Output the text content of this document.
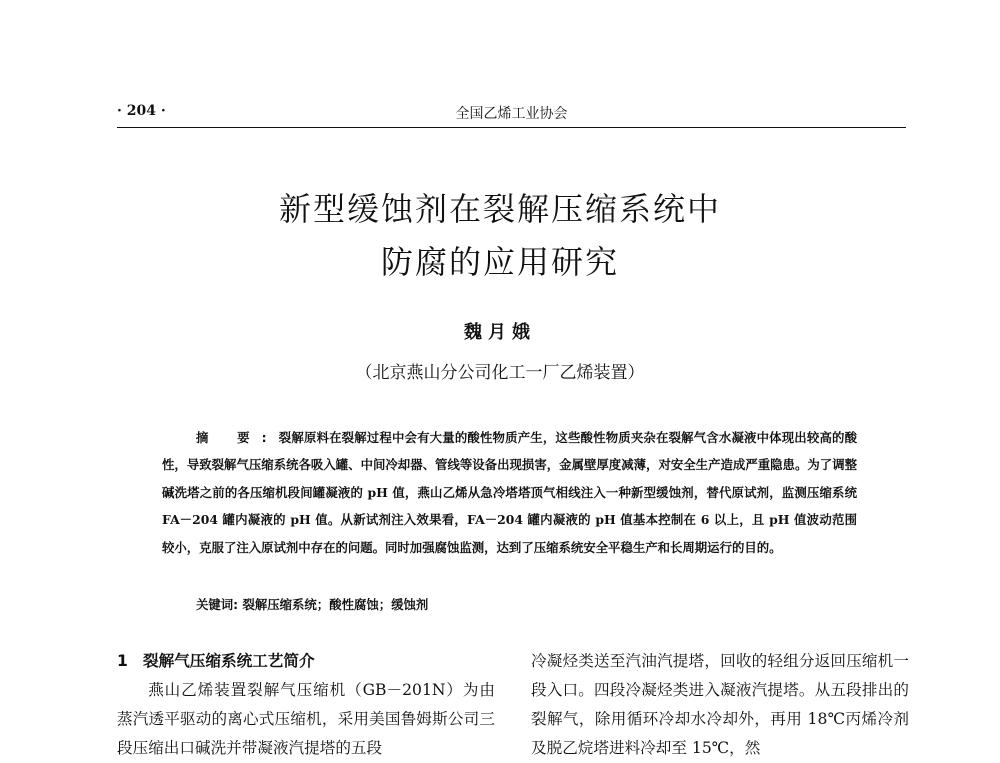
· 204 ·	全国乙烯工业协会
新型缓蚀剂在裂解压缩系统中
防腐的应用研究
魏月娥
（北京燕山分公司化工一厂乙烯装置）
摘 要:裂解原料在裂解过程中会有大量的酸性物质产生，这些酸性物质夹杂在裂解气含水凝液中体现出较高的酸性，导致裂解气压缩系统各吸入罐、中间冷却器、管线等设备出现损害，金属壁厚度减薄，对安全生产造成严重隐患。为了调整碱洗塔之前的各压缩机段间罐凝液的 pH 值，燕山乙烯从急冷塔塔顶气相线注入一种新型缓蚀剂，替代原试剂，监测压缩系统 FA－204 罐内凝液的 pH 值。从新试剂注入效果看，FA－204 罐内凝液的 pH 值基本控制在 6 以上，且 pH 值波动范围较小，克服了注入原试剂中存在的问题。同时加强腐蚀监测，达到了压缩系统安全平稳生产和长周期运行的目的。
关键词: 裂解压缩系统；酸性腐蚀；缓蚀剂
1 裂解气压缩系统工艺简介

燕山乙烯装置裂解气压缩机（GB－201N）为由蒸汽透平驱动的离心式压缩机，采用美国鲁姆斯公司三段压缩出口碱洗并带凝液汽提塔的五段

冷凝烃类送至汽油汽提塔，回收的轻组分返回压缩机一段入口。四段冷凝烃类进入凝液汽提塔。从五段排出的裂解气，除用循环冷却水冷却外，再用 18℃丙烯冷剂及脱乙烷塔进料冷却至 15℃，然
